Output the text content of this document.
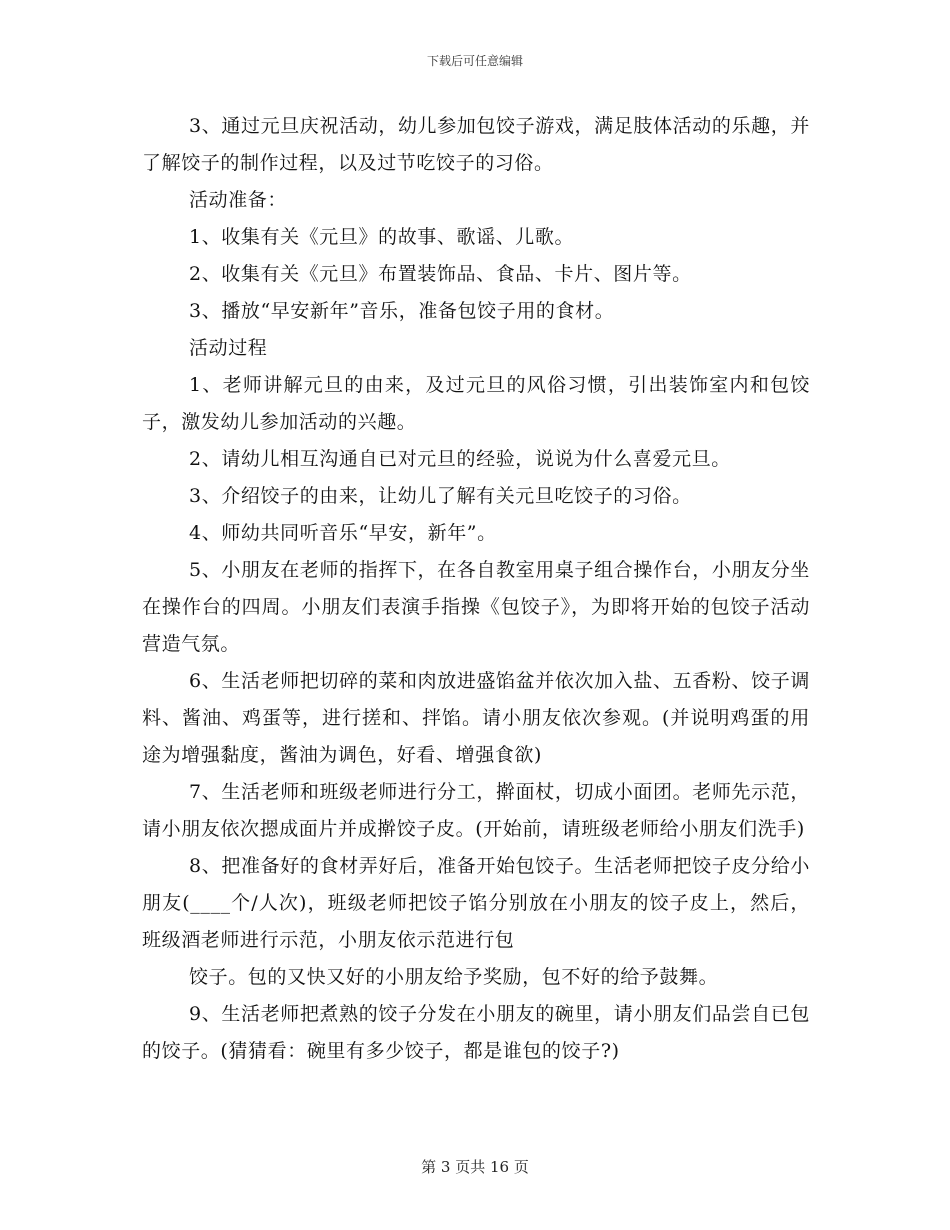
下载后可任意编辑

3、通过元旦庆祝活动，幼儿参加包饺子游戏，满足肢体活动的乐趣，并了解饺子的制作过程，以及过节吃饺子的习俗。

活动准备：

1、收集有关《元旦》的故事、歌谣、儿歌。

2、收集有关《元旦》布置装饰品、食品、卡片、图片等。

3、播放“早安新年”音乐，准备包饺子用的食材。

活动过程

1、老师讲解元旦的由来，及过元旦的风俗习惯，引出装饰室内和包饺子，激发幼儿参加活动的兴趣。

2、请幼儿相互沟通自已对元旦的经验，说说为什么喜爱元旦。

3、介绍饺子的由来，让幼儿了解有关元旦吃饺子的习俗。

4、师幼共同听音乐“早安，新年”。

5、小朋友在老师的指挥下，在各自教室用桌子组合操作台，小朋友分坐在操作台的四周。小朋友们表演手指操《包饺子》，为即将开始的包饺子活动营造气氛。

6、生活老师把切碎的菜和肉放进盛馅盆并依次加入盐、五香粉、饺子调料、酱油、鸡蛋等，进行搓和、拌馅。请小朋友依次参观。(并说明鸡蛋的用途为增强黏度，酱油为调色，好看、增强食欲)

7、生活老师和班级老师进行分工，擀面杖，切成小面团。老师先示范，请小朋友依次摁成面片并成擀饺子皮。(开始前，请班级老师给小朋友们洗手)

8、把准备好的食材弄好后，准备开始包饺子。生活老师把饺子皮分给小朋友(____个/人次)，班级老师把饺子馅分别放在小朋友的饺子皮上，然后，班级酒老师进行示范，小朋友依示范进行包

饺子。包的又快又好的小朋友给予奖励，包不好的给予鼓舞。

9、生活老师把煮熟的饺子分发在小朋友的碗里，请小朋友们品尝自已包的饺子。(猜猜看：碗里有多少饺子，都是谁包的饺子?)

第 3 页共 16 页
